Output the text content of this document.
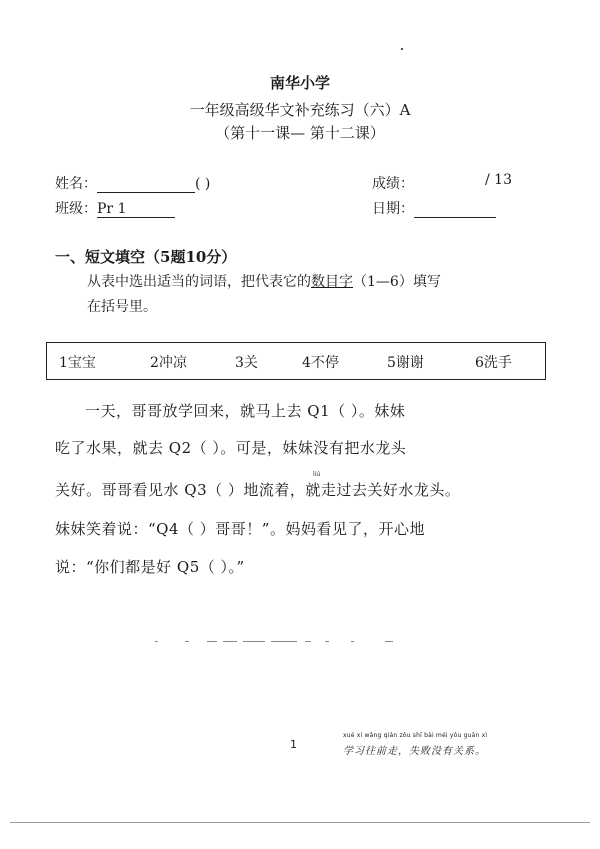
南华小学
一年级高级华文补充练习（六）A
（第十一课— 第十二课）
姓名：	( )	成绩：	/ 13
班级：Pr 1	日期：
一、短文填空（5题10分）
从表中选出适当的词语，把代表它的数目字（1—6）填写
在括号里。
1宝宝	2冲凉	3关	4不停	5谢谢	6洗手
一天，哥哥放学回来，就马上去 Q1（ ）。妹妹
吃了水果，就去 Q2（ ）。可是，妹妹没有把水龙头
liú
关好。哥哥看见水 Q3（ ）地流着，就走过去关好水龙头。
妹妹笑着说：“Q4（ ）哥哥！”。妈妈看见了，开心地
说：“你们都是好 Q5（ ）。”
1
xué xí wǎng qián zǒu shī bài méi yǒu guān xì
学习往前走，失败没有关系。
